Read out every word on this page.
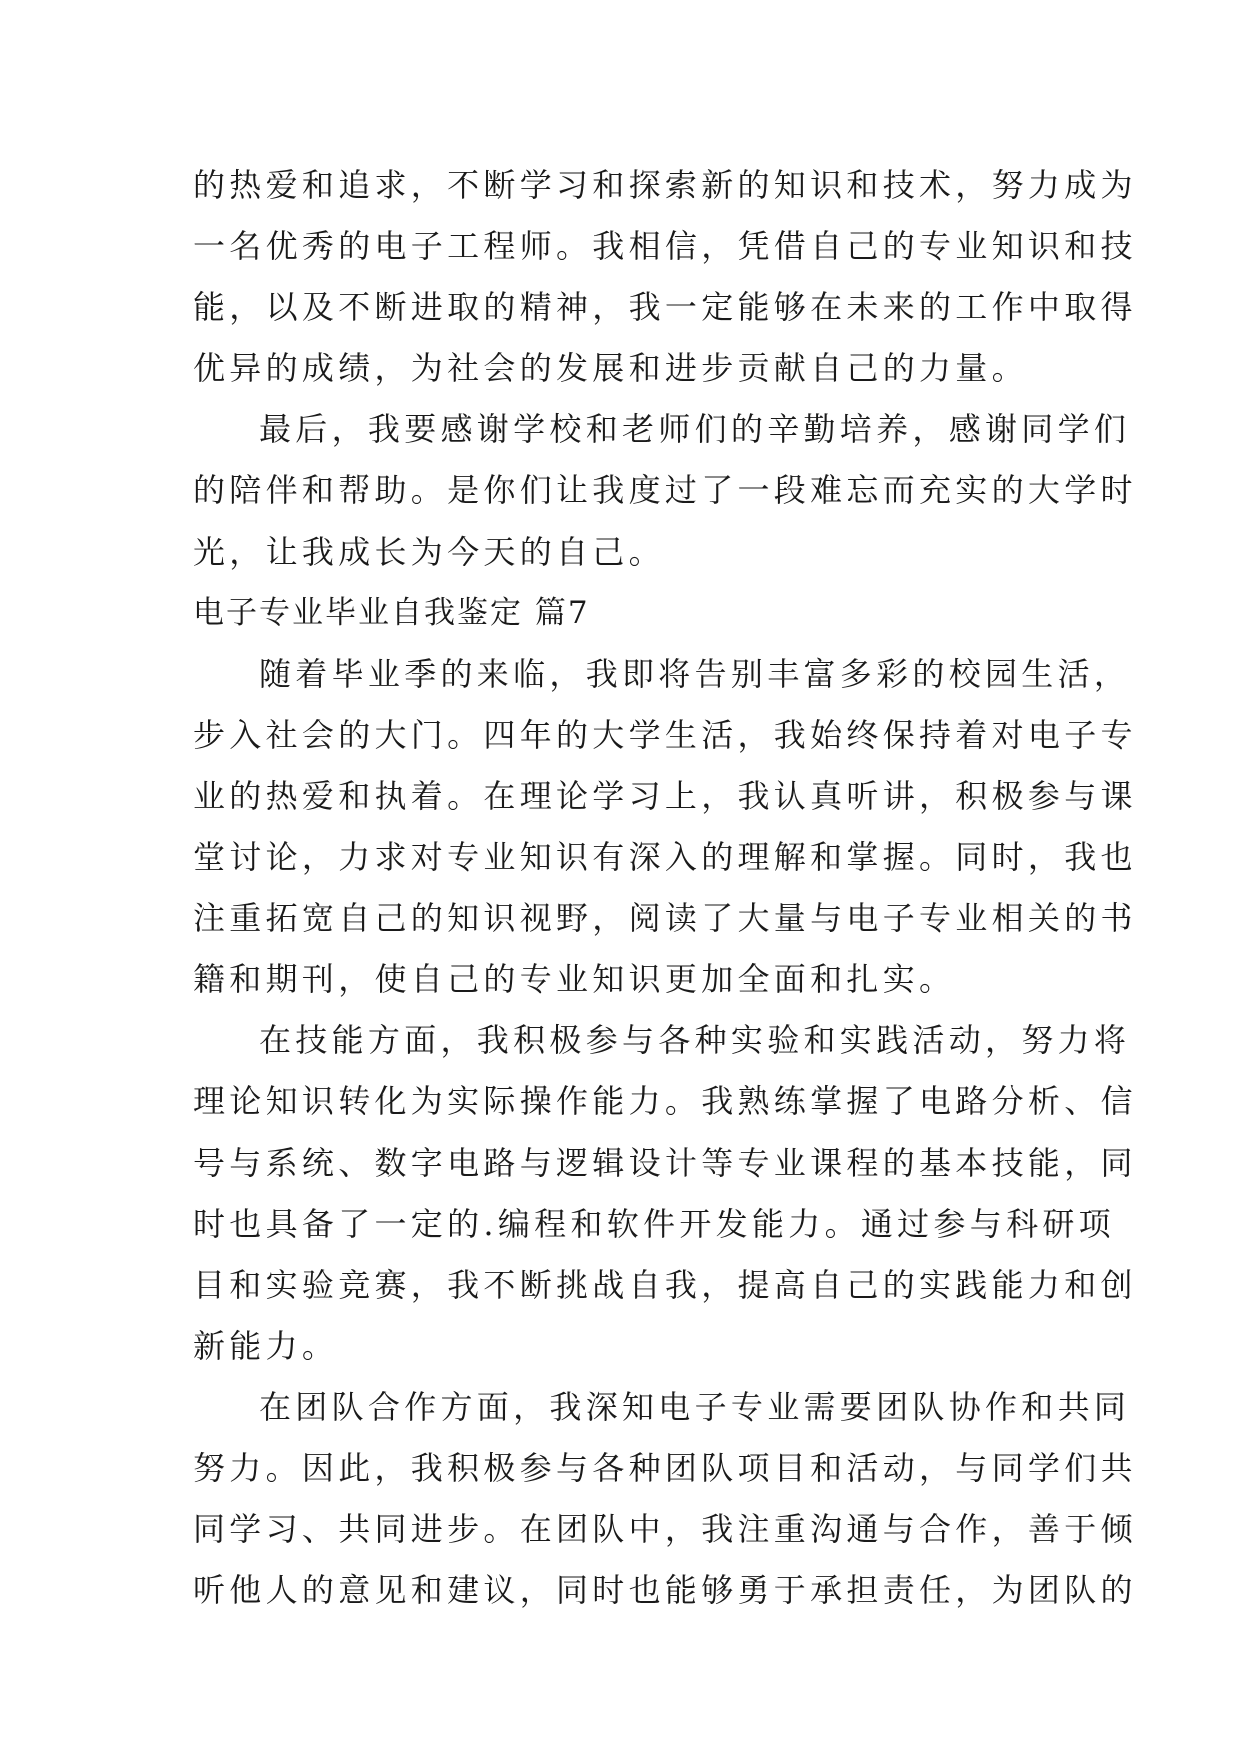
的热爱和追求，不断学习和探索新的知识和技术，努力成为
一名优秀的电子工程师。我相信，凭借自己的专业知识和技
能，以及不断进取的精神，我一定能够在未来的工作中取得
优异的成绩，为社会的发展和进步贡献自己的力量。
最后，我要感谢学校和老师们的辛勤培养，感谢同学们
的陪伴和帮助。是你们让我度过了一段难忘而充实的大学时
光，让我成长为今天的自己。
电子专业毕业自我鉴定 篇7
随着毕业季的来临，我即将告别丰富多彩的校园生活，
步入社会的大门。四年的大学生活，我始终保持着对电子专
业的热爱和执着。在理论学习上，我认真听讲，积极参与课
堂讨论，力求对专业知识有深入的理解和掌握。同时，我也
注重拓宽自己的知识视野，阅读了大量与电子专业相关的书
籍和期刊，使自己的专业知识更加全面和扎实。
在技能方面，我积极参与各种实验和实践活动，努力将
理论知识转化为实际操作能力。我熟练掌握了电路分析、信
号与系统、数字电路与逻辑设计等专业课程的基本技能，同
时也具备了一定的.编程和软件开发能力。通过参与科研项
目和实验竞赛，我不断挑战自我，提高自己的实践能力和创
新能力。
在团队合作方面，我深知电子专业需要团队协作和共同
努力。因此，我积极参与各种团队项目和活动，与同学们共
同学习、共同进步。在团队中，我注重沟通与合作，善于倾
听他人的意见和建议，同时也能够勇于承担责任，为团队的
